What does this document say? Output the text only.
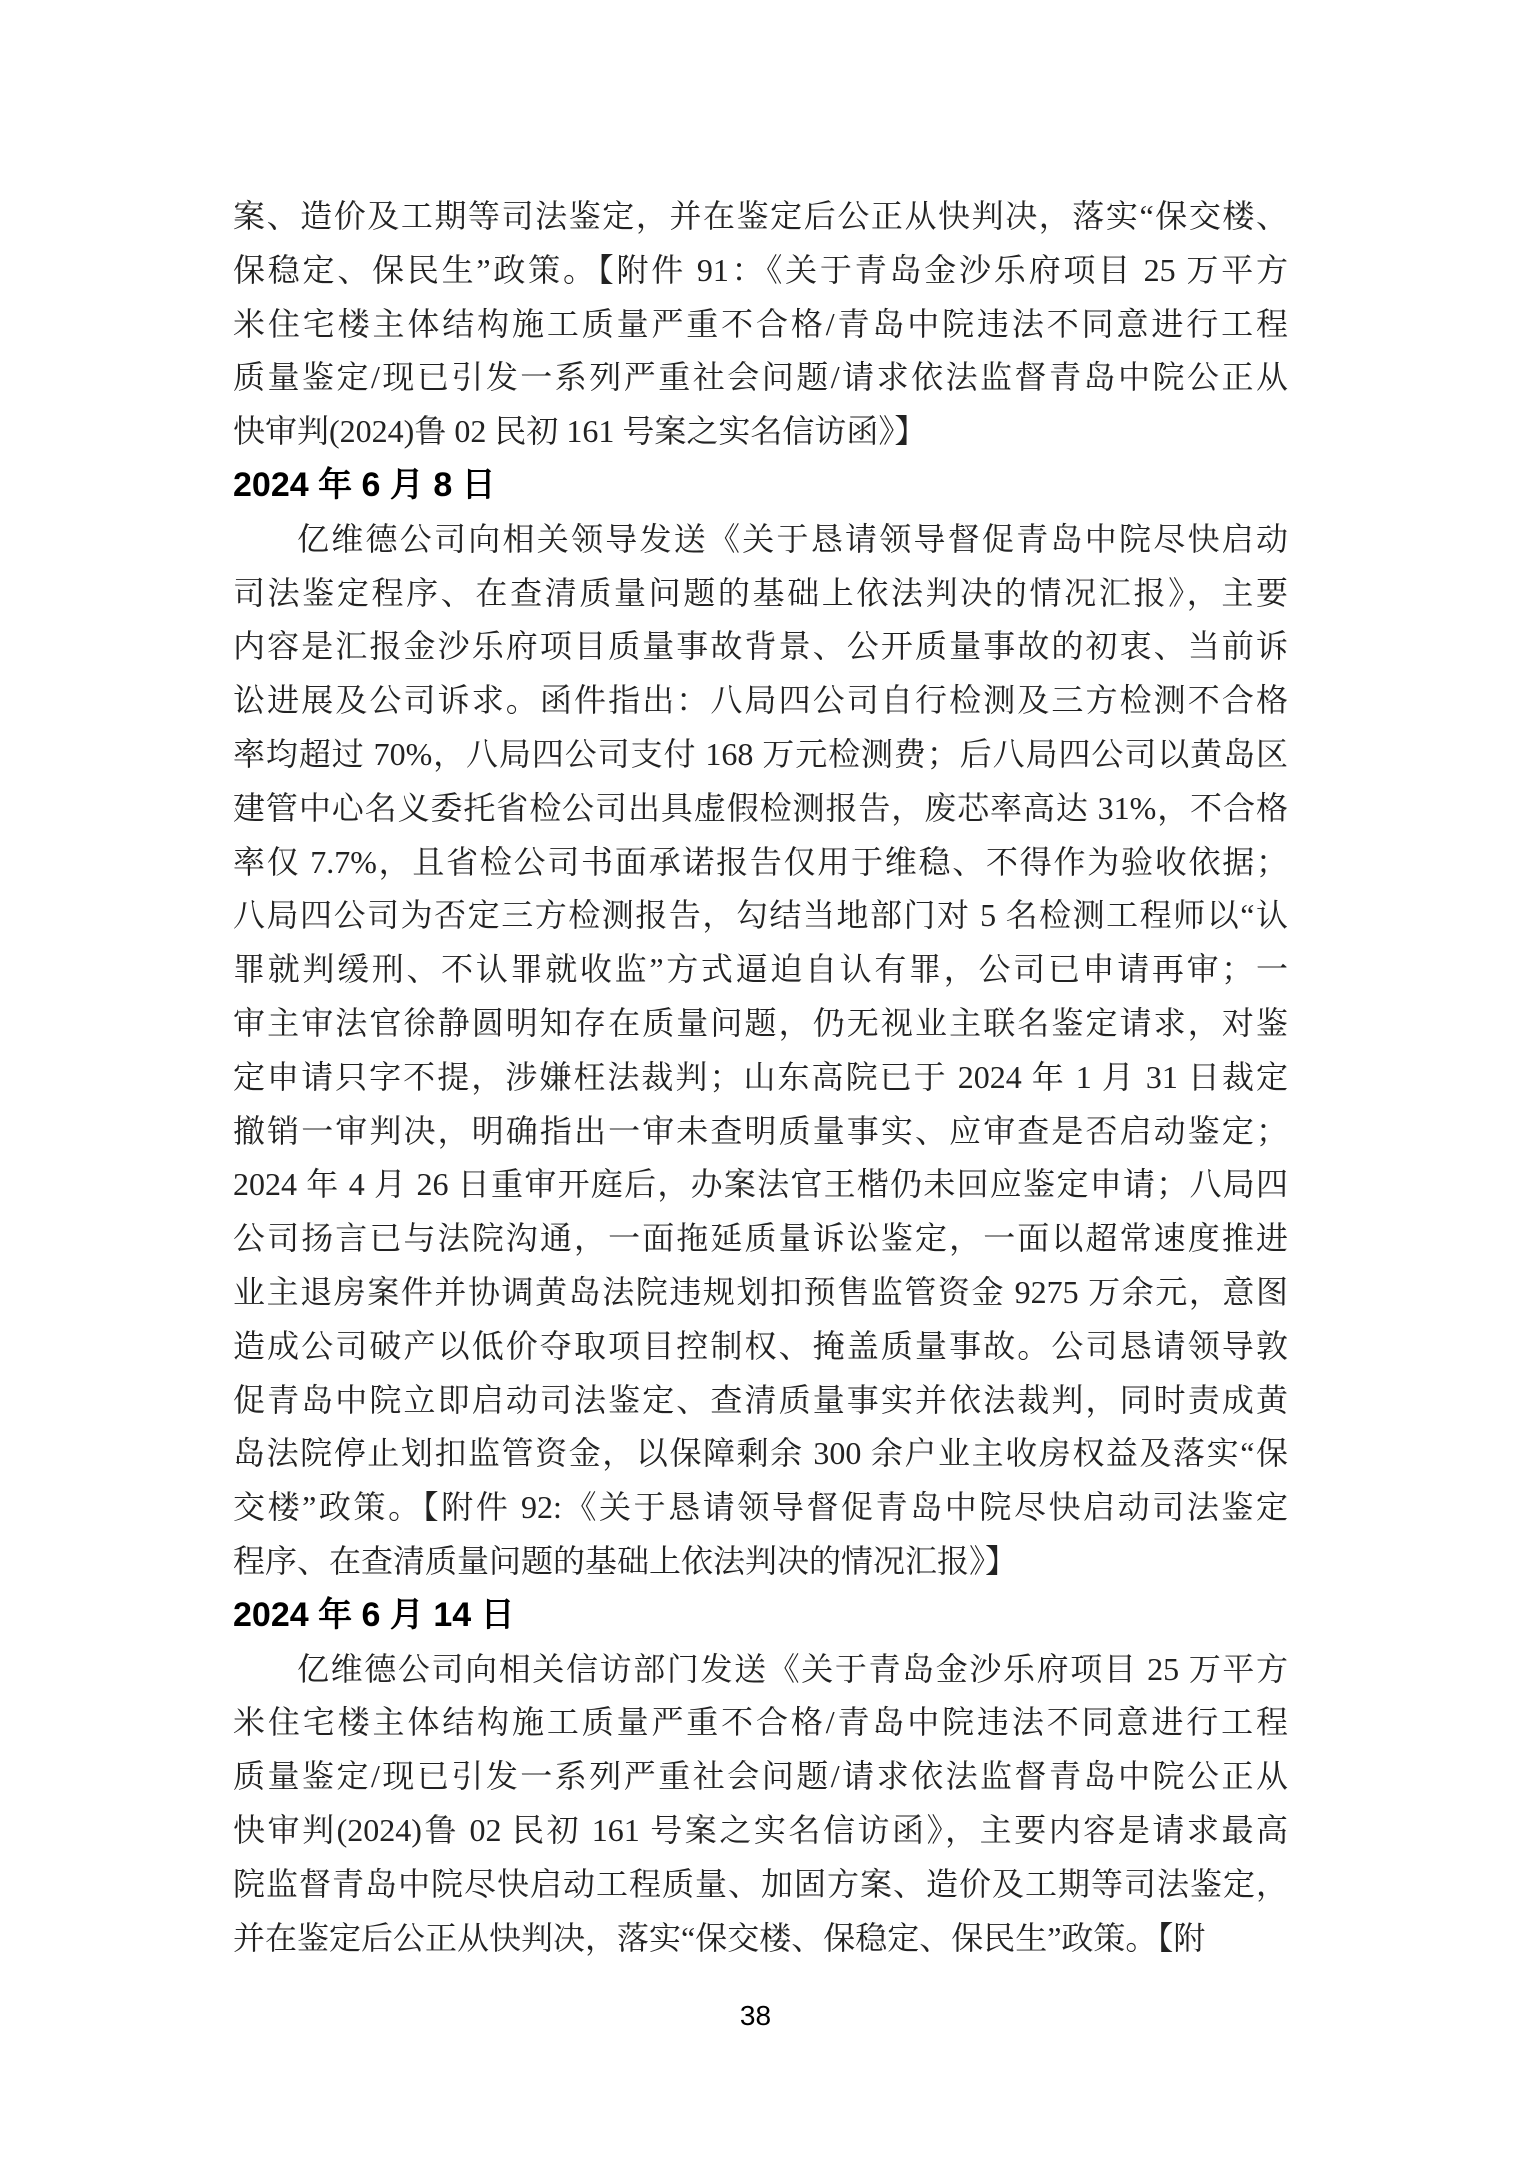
案、造价及工期等司法鉴定，并在鉴定后公正从快判决，落实“保交楼、
保稳定、保民生”政策。【附件 91：《关于青岛金沙乐府项目 25 万平方
米住宅楼主体结构施工质量严重不合格/青岛中院违法不同意进行工程
质量鉴定/现已引发一系列严重社会问题/请求依法监督青岛中院公正从
快审判(2024)鲁 02 民初 161 号案之实名信访函》】
2024 年 6 月 8 日
亿维德公司向相关领导发送《关于恳请领导督促青岛中院尽快启动
司法鉴定程序、在查清质量问题的基础上依法判决的情况汇报》，主要
内容是汇报金沙乐府项目质量事故背景、公开质量事故的初衷、当前诉
讼进展及公司诉求。函件指出：八局四公司自行检测及三方检测不合格
率均超过 70%，八局四公司支付 168 万元检测费；后八局四公司以黄岛区
建管中心名义委托省检公司出具虚假检测报告，废芯率高达 31%，不合格
率仅 7.7%，且省检公司书面承诺报告仅用于维稳、不得作为验收依据；
八局四公司为否定三方检测报告，勾结当地部门对 5 名检测工程师以“认
罪就判缓刑、不认罪就收监”方式逼迫自认有罪，公司已申请再审；一
审主审法官徐静圆明知存在质量问题，仍无视业主联名鉴定请求，对鉴
定申请只字不提，涉嫌枉法裁判；山东高院已于 2024 年 1 月 31 日裁定
撤销一审判决，明确指出一审未查明质量事实、应审查是否启动鉴定；
2024 年 4 月 26 日重审开庭后，办案法官王楷仍未回应鉴定申请；八局四
公司扬言已与法院沟通，一面拖延质量诉讼鉴定，一面以超常速度推进
业主退房案件并协调黄岛法院违规划扣预售监管资金 9275 万余元，意图
造成公司破产以低价夺取项目控制权、掩盖质量事故。公司恳请领导敦
促青岛中院立即启动司法鉴定、查清质量事实并依法裁判，同时责成黄
岛法院停止划扣监管资金，以保障剩余 300 余户业主收房权益及落实“保
交楼”政策。【附件 92:《关于恳请领导督促青岛中院尽快启动司法鉴定
程序、在查清质量问题的基础上依法判决的情况汇报》】
2024 年 6 月 14 日
亿维德公司向相关信访部门发送《关于青岛金沙乐府项目 25 万平方
米住宅楼主体结构施工质量严重不合格/青岛中院违法不同意进行工程
质量鉴定/现已引发一系列严重社会问题/请求依法监督青岛中院公正从
快审判(2024)鲁 02 民初 161 号案之实名信访函》，主要内容是请求最高
院监督青岛中院尽快启动工程质量、加固方案、造价及工期等司法鉴定，
并在鉴定后公正从快判决，落实“保交楼、保稳定、保民生”政策。【附
38
